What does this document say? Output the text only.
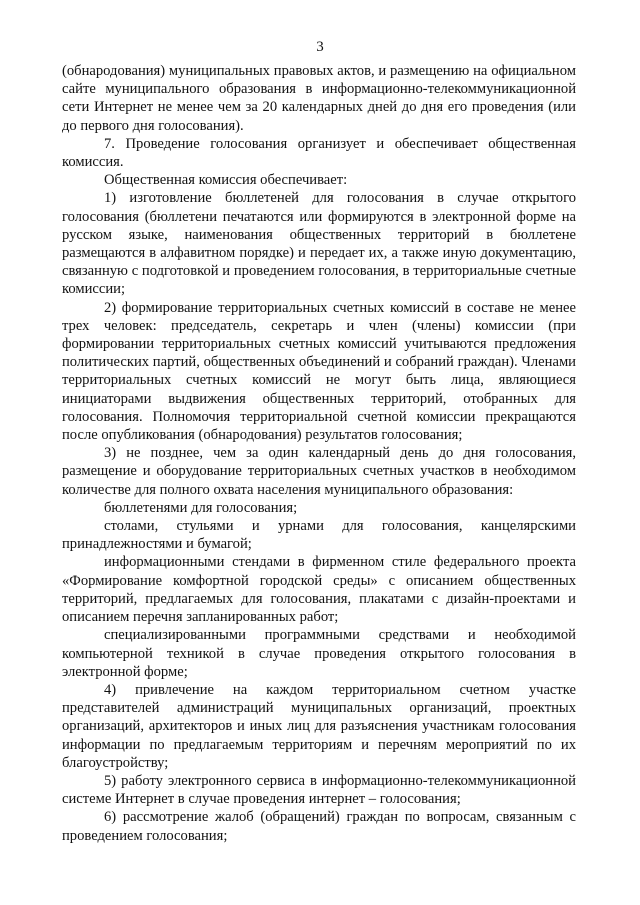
3

(обнародования) муниципальных правовых актов, и размещению на официальном сайте муниципального образования в информационно-телекоммуникационной сети Интернет не менее чем за 20 календарных дней до дня его проведения (или до первого дня голосования).

7. Проведение голосования организует и обеспечивает общественная комиссия.

Общественная комиссия обеспечивает:

1) изготовление бюллетеней для голосования в случае открытого голосования (бюллетени печатаются или формируются в электронной форме на русском языке, наименования общественных территорий в бюллетене размещаются в алфавитном порядке) и передает их, а также иную документацию, связанную с подготовкой и проведением голосования, в территориальные счетные комиссии;

2) формирование территориальных счетных комиссий в составе не менее трех человек: председатель, секретарь и член (члены) комиссии (при формировании территориальных счетных комиссий учитываются предложения политических партий, общественных объединений и собраний граждан). Членами территориальных счетных комиссий не могут быть лица, являющиеся инициаторами выдвижения общественных территорий, отобранных для голосования. Полномочия территориальной счетной комиссии прекращаются после опубликования (обнародования) результатов голосования;

3) не позднее, чем за один календарный день до дня голосования, размещение и оборудование территориальных счетных участков в необходимом количестве для полного охвата населения муниципального образования:

бюллетенями для голосования;

столами, стульями и урнами для голосования, канцелярскими принадлежностями и бумагой;

информационными стендами в фирменном стиле федерального проекта «Формирование комфортной городской среды» с описанием общественных территорий, предлагаемых для голосования, плакатами с дизайн-проектами и описанием перечня запланированных работ;

специализированными программными средствами и необходимой компьютерной техникой в случае проведения открытого голосования в электронной форме;

4) привлечение на каждом территориальном счетном участке представителей администраций муниципальных организаций, проектных организаций, архитекторов и иных лиц для разъяснения участникам голосования информации по предлагаемым территориям и перечням мероприятий по их благоустройству;

5) работу электронного сервиса в информационно-телекоммуникационной системе Интернет в случае проведения интернет – голосования;

6) рассмотрение жалоб (обращений) граждан по вопросам, связанным с проведением голосования;
